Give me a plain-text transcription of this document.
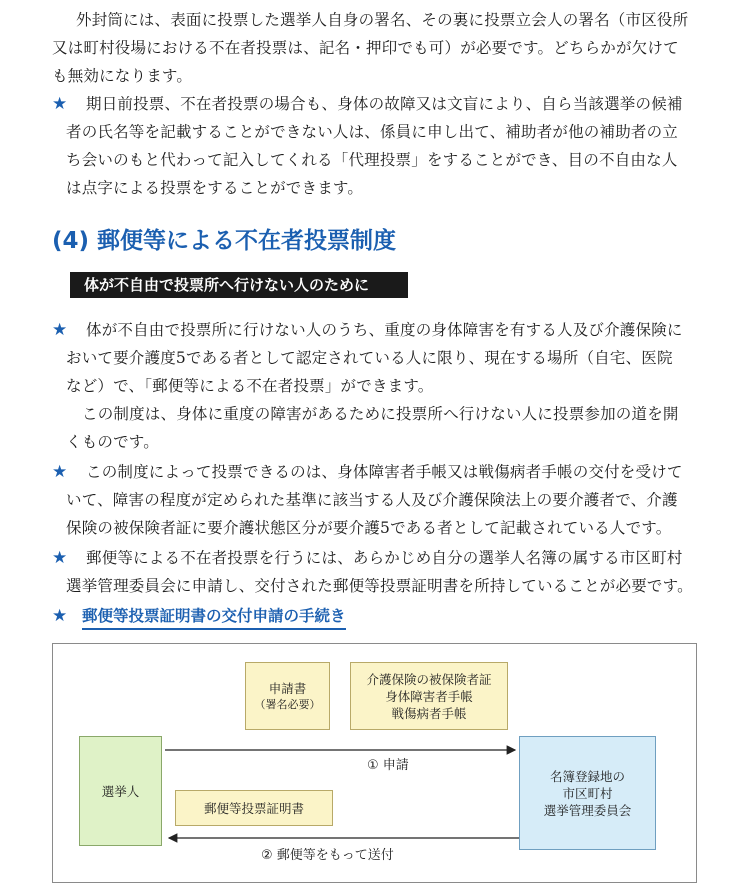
外封筒には、表面に投票した選挙人自身の署名、その裏に投票立会人の署名（市区役所
又は町村役場における不在者投票は、記名・押印でも可）が必要です。どちらかが欠けて
も無効になります。
★ 期日前投票、不在者投票の場合も、身体の故障又は文盲により、自ら当該選挙の候補
者の氏名等を記載することができない人は、係員に申し出て、補助者が他の補助者の立
ち会いのもと代わって記入してくれる「代理投票」をすることができ、目の不自由な人
は点字による投票をすることができます。
(4) 郵便等による不在者投票制度
体が不自由で投票所へ行けない人のために
★ 体が不自由で投票所に行けない人のうち、重度の身体障害を有する人及び介護保険に
おいて要介護度5である者として認定されている人に限り、現在する場所（自宅、医院
など）で、「郵便等による不在者投票」ができます。
この制度は、身体に重度の障害があるために投票所へ行けない人に投票参加の道を開
くものです。
★ この制度によって投票できるのは、身体障害者手帳又は戦傷病者手帳の交付を受けて
いて、障害の程度が定められた基準に該当する人及び介護保険法上の要介護者で、介護
保険の被保険者証に要介護状態区分が要介護5である者として記載されている人です。
★ 郵便等による不在者投票を行うには、あらかじめ自分の選挙人名簿の属する市区町村
選挙管理委員会に申請し、交付された郵便等投票証明書を所持していることが必要です。
★ 郵便等投票証明書の交付申請の手続き
申請書
（署名必要）
介護保険の被保険者証
身体障害者手帳
戦傷病者手帳
選挙人
名簿登録地の
市区町村
選挙管理委員会
郵便等投票証明書
① 申請
② 郵便等をもって送付
